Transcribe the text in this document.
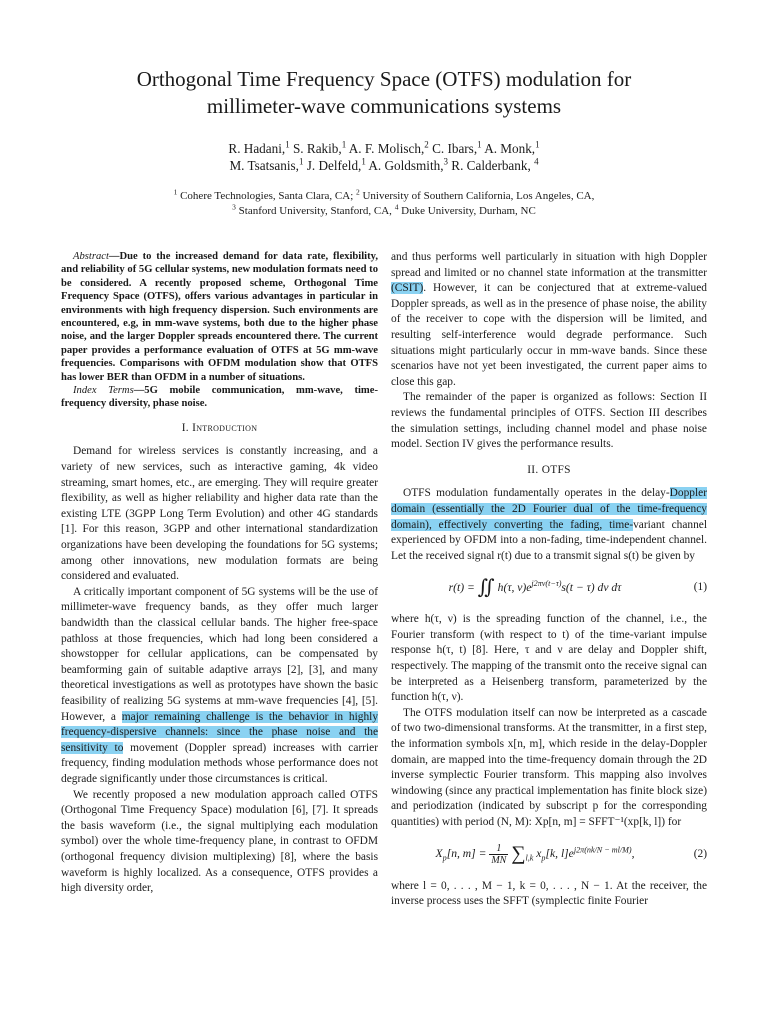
Orthogonal Time Frequency Space (OTFS) modulation for
millimeter-wave communications systems
R. Hadani,$^1$ S. Rakib,$^1$ A. F. Molisch,$^2$ C. Ibars,$^1$ A. Monk,$^1$
M. Tsatsanis,$^1$ J. Delfeld,$^1$ A. Goldsmith,$^3$ R. Calderbank, $^4$
$^1$ Cohere Technologies, Santa Clara, CA; $^2$ University of Southern California, Los Angeles, CA,
$^3$ Stanford University, Stanford, CA, $^4$ Duke University, Durham, NC

Abstract—Due to the increased demand for data rate, flexibility, and reliability of 5G cellular systems, new modulation formats need to be considered. A recently proposed scheme, Orthogonal Time Frequency Space (OTFS), offers various advantages in particular in environments with high frequency dispersion. Such environments are encountered, e.g, in mm-wave systems, both due to the higher phase noise, and the larger Doppler spreads encountered there. The current paper provides a performance evaluation of OTFS at 5G mm-wave frequencies. Comparisons with OFDM modulation show that OTFS has lower BER than OFDM in a number of situations.

Index Terms—5G mobile communication, mm-wave, time-frequency diversity, phase noise.

I. Introduction

Demand for wireless services is constantly increasing, and a variety of new services, such as interactive gaming, 4k video streaming, smart homes, etc., are emerging. They will require greater flexibility, as well as higher reliability and higher data rate than the existing LTE (3GPP Long Term Evolution) and other 4G standards [1]. For this reason, 3GPP and other international standardization organizations have been developing the foundations for 5G systems; among other innovations, new modulation formats are being considered and evaluated.

A critically important component of 5G systems will be the use of millimeter-wave frequency bands, as they offer much larger bandwidth than the classical cellular bands. The higher free-space pathloss at those frequencies, which had long been considered a showstopper for cellular applications, can be compensated by beamforming gain of suitable adaptive arrays [2], [3], and many theoretical investigations as well as prototypes have shown the basic feasibility of realizing 5G systems at mm-wave frequencies [4], [5]. However, a major remaining challenge is the behavior in highly frequency-dispersive channels: since the phase noise and the sensitivity to movement (Doppler spread) increases with carrier frequency, finding modulation methods whose performance does not degrade significantly under those circumstances is critical.

We recently proposed a new modulation approach called OTFS (Orthogonal Time Frequency Space) modulation [6], [7]. It spreads the basis waveform (i.e., the signal multiplying each modulation symbol) over the whole time-frequency plane, in contrast to OFDM (orthogonal frequency division multiplexing) [8], where the basis waveform is highly localized. As a consequence, OTFS provides a high diversity order,

and thus performs well particularly in situation with high Doppler spread and limited or no channel state information at the transmitter (CSIT). However, it can be conjectured that at extreme-valued Doppler spreads, as well as in the presence of phase noise, the ability of the receiver to cope with the dispersion will be limited, and resulting self-interference would degrade performance. Such situations might particularly occur in mm-wave bands. Since these scenarios have not yet been investigated, the current paper aims to close this gap.

The remainder of the paper is organized as follows: Section II reviews the fundamental principles of OTFS. Section III describes the simulation settings, including channel model and phase noise model. Section IV gives the performance results.

II. OTFS

OTFS modulation fundamentally operates in the delay-Doppler domain (essentially the 2D Fourier dual of the time-frequency domain), effectively converting the fading, time-variant channel experienced by OFDM into a non-fading, time-independent channel. Let the received signal r(t) due to a transmit signal s(t) be given by

r(t) = ∬ h(τ, $\nu)e^{j2\pi\nu(t-\tau)}s(t - \tau)$ dν dτ	(1)

where h(τ, ν) is the spreading function of the channel, i.e., the Fourier transform (with respect to t) of the time-variant impulse response h(τ, t) [8]. Here, τ and ν are delay and Doppler shift, respectively. The mapping of the transmit onto the receive signal can be interpreted as a Heisenberg transform, parameterized by the function h(τ, ν).

The OTFS modulation itself can now be interpreted as a cascade of two two-dimensional transforms. At the transmitter, in a first step, the information symbols x[n, m], which reside in the delay-Doppler domain, are mapped into the time-frequency domain through the 2D inverse symplectic Fourier transform. This mapping also involves windowing (since any practical implementation has finite block size) and periodization (indicated by subscript p for the corresponding quantities) with period (N, M): Xp[n, m] = SFFT⁻¹(xp[k, l]) for

$X_p[n$, $m] = \frac{1}{MN} \sum_{l,k}$ $x_p[k$, $l]e^{j2\pi(nk/N - ml/M)}$,	(2)

where l = 0, . . . , M − 1, k = 0, . . . , N − 1. At the receiver, the inverse process uses the SFFT (symplectic finite Fourier
